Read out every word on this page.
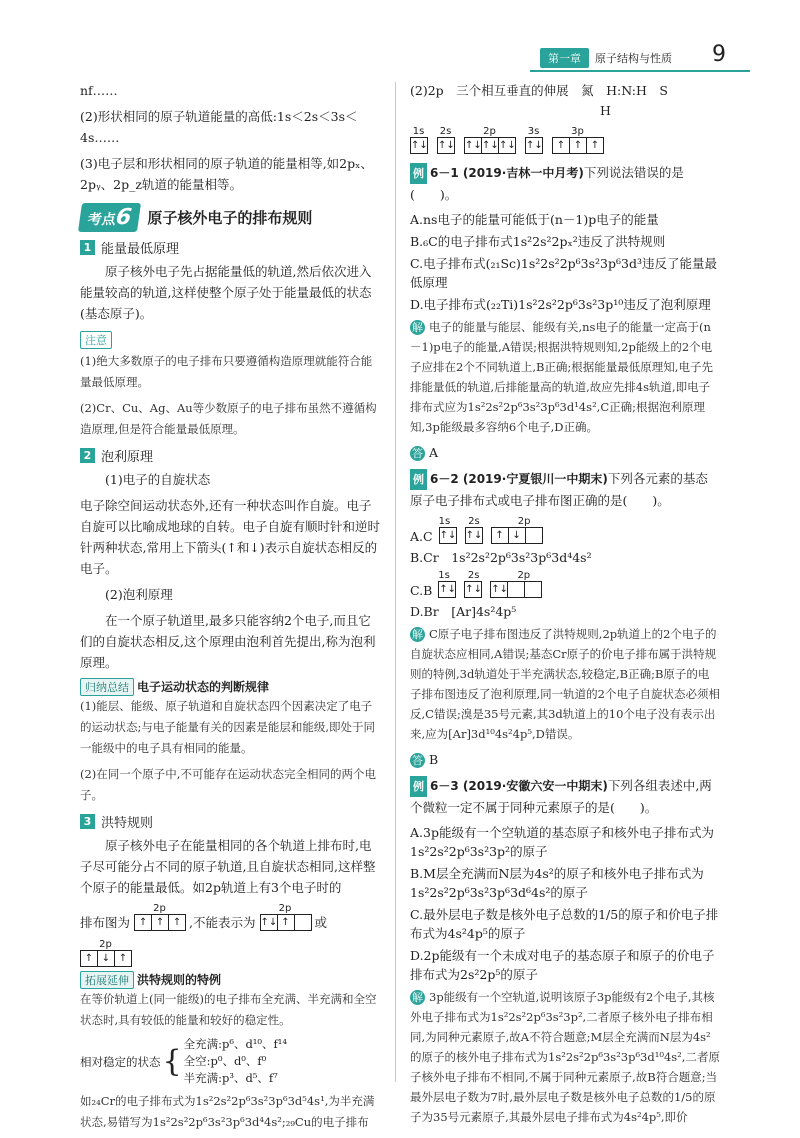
第一章	原子结构与性质 9

nf……

(2)形状相同的原子轨道能量的高低:1s＜2s＜3s＜4s……

(3)电子层和形状相同的原子轨道的能量相等,如2pₓ、2pᵧ、2p_z轨道的能量相等。

考点6 原子核外电子的排布规则
1 能量最低原理

原子核外电子先占据能量低的轨道,然后依次进入能量较高的轨道,这样使整个原子处于能量最低的状态(基态原子)。

注意

(1)绝大多数原子的电子排布只要遵循构造原理就能符合能量最低原理。

(2)Cr、Cu、Ag、Au等少数原子的电子排布虽然不遵循构造原理,但是符合能量最低原理。

2 泡利原理

(1)电子的自旋状态

电子除空间运动状态外,还有一种状态叫作自旋。电子自旋可以比喻成地球的自转。电子自旋有顺时针和逆时针两种状态,常用上下箭头(↑和↓)表示自旋状态相反的电子。

(2)泡利原理

在一个原子轨道里,最多只能容纳2个电子,而且它们的自旋状态相反,这个原理由泡利首先提出,称为泡利原理。

归纳总结 电子运动状态的判断规律

(1)能层、能级、原子轨道和自旋状态四个因素决定了电子的运动状态;与电子能量有关的因素是能层和能级,即处于同一能级中的电子具有相同的能量。

(2)在同一个原子中,不可能存在运动状态完全相同的两个电子。

3 洪特规则

原子核外电子在能量相同的各个轨道上排布时,电子尽可能分占不同的原子轨道,且自旋状态相同,这样整个原子的能量最低。如2p轨道上有3个电子时的

排布图为
2p
↑ ↑ ↑ ,不能表示为
2p
↑↓ ↑	或
2p
↑ ↓ ↑
拓展延伸 洪特规则的特例

在等价轨道上(同一能级)的电子排布全充满、半充满和全空状态时,具有较低的能量和较好的稳定性。

相对稳定的状态 { 全充满:p⁶、d¹⁰、f¹⁴
全空:p⁰、d⁰、f⁰
半充满:p³、d⁵、f⁷

如₂₄Cr的电子排布式为1s²2s²2p⁶3s²3p⁶3d⁵4s¹,为半充满状态,易错写为1s²2s²2p⁶3s²3p⁶3d⁴4s²;₂₉Cu的电子排布

(2)2p　三个相互垂直的伸展　氮　H:N:H　S

H

1s
↑↓
2s
↑↓
2p
↑↓ ↑↓ ↑↓
3s
↑↓
3p
↑ ↑ ↑

例 6－1 (2019·吉林一中月考)下列说法错误的是(　　)。

A.ns电子的能量可能低于(n－1)p电子的能量

B.₆C的电子排布式1s²2s²2pₓ²违反了洪特规则

C.电子排布式(₂₁Sc)1s²2s²2p⁶3s²3p⁶3d³违反了能量最低原理

D.电子排布式(₂₂Ti)1s²2s²2p⁶3s²3p¹⁰违反了泡利原理

解 电子的能量与能层、能级有关,ns电子的能量一定高于(n－1)p电子的能量,A错误;根据洪特规则知,2p能级上的2个电子应排在2个不同轨道上,B正确;根据能量最低原理知,电子先排能量低的轨道,后排能量高的轨道,故应先排4s轨道,即电子排布式应为1s²2s²2p⁶3s²3p⁶3d¹4s²,C正确;根据泡利原理知,3p能级最多容纳6个电子,D正确。

答 A

例 6－2 (2019·宁夏银川一中期末)下列各元素的基态原子电子排布式或电子排布图正确的是(　　)。

A.C
1s 2s	2p
↑↓ ↑↓	↑ ↓

B.Cr　1s²2s²2p⁶3s²3p⁶3d⁴4s²

C.B
1s 2s	2p
↑↓ ↑↓ ↑↓

D.Br　[Ar]4s²4p⁵

解 C原子电子排布图违反了洪特规则,2p轨道上的2个电子的自旋状态应相同,A错误;基态Cr原子的价电子排布属于洪特规则的特例,3d轨道处于半充满状态,较稳定,B正确;B原子的电子排布图违反了泡利原理,同一轨道的2个电子自旋状态必须相反,C错误;溴是35号元素,其3d轨道上的10个电子没有表示出来,应为[Ar]3d¹⁰4s²4p⁵,D错误。

答 B

例 6－3 (2019·安徽六安一中期末)下列各组表述中,两个微粒一定不属于同种元素原子的是(　　)。

A.3p能级有一个空轨道的基态原子和核外电子排布式为1s²2s²2p⁶3s²3p²的原子

B.M层全充满而N层为4s²的原子和核外电子排布式为1s²2s²2p⁶3s²3p⁶3d⁶4s²的原子

C.最外层电子数是核外电子总数的1/5的原子和价电子排布式为4s²4p⁵的原子

D.2p能级有一个未成对电子的基态原子和原子的价电子排布式为2s²2p⁵的原子

解 3p能级有一个空轨道,说明该原子3p能级有2个电子,其核外电子排布式为1s²2s²2p⁶3s²3p²,二者原子核外电子排布相同,为同种元素原子,故A不符合题意;M层全充满而N层为4s²的原子的核外电子排布式为1s²2s²2p⁶3s²3p⁶3d¹⁰4s²,二者原子核外电子排布不相同,不属于同种元素原子,故B符合题意;当最外层电子数为7时,最外层电子数是核外电子总数的1/5的原子为35号元素原子,其最外层电子排布式为4s²4p⁵,即价
